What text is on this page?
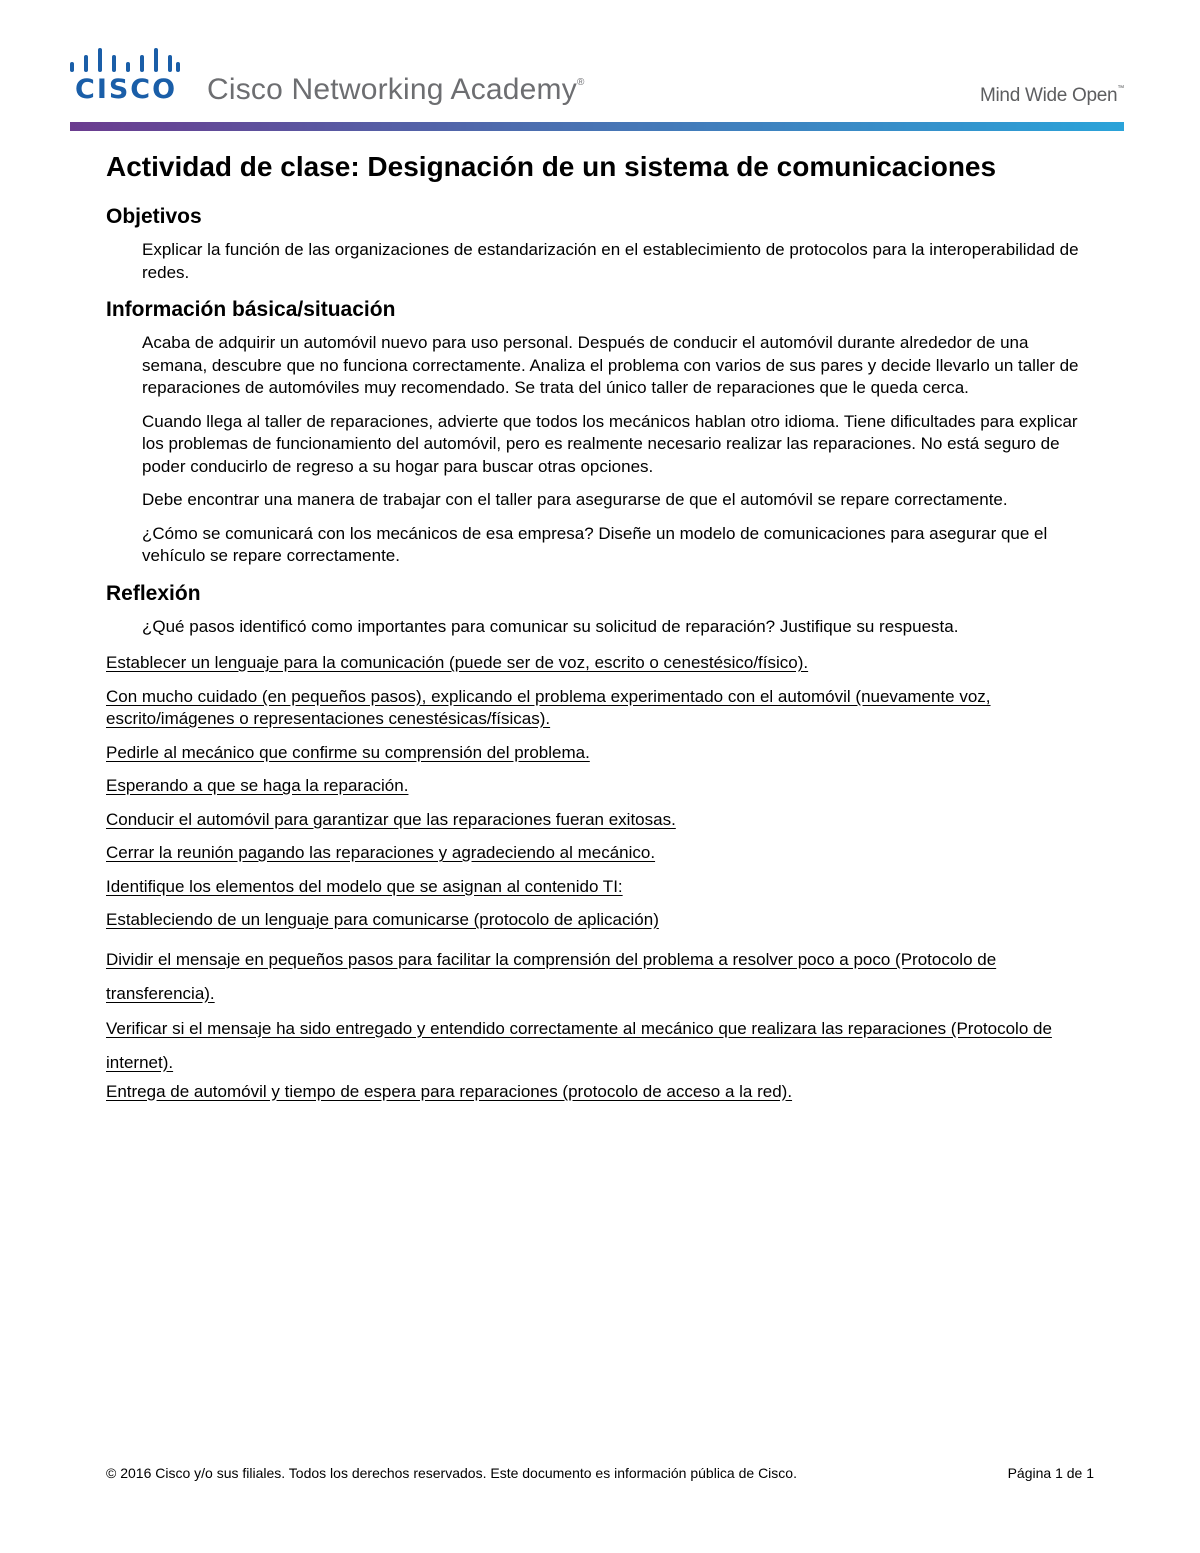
CISCO Cisco Networking Academy®
Mind Wide Open™
Actividad de clase: Designación de un sistema de comunicaciones
Objetivos

Explicar la función de las organizaciones de estandarización en el establecimiento de protocolos para la interoperabilidad de redes.

Información básica/situación

Acaba de adquirir un automóvil nuevo para uso personal. Después de conducir el automóvil durante alrededor de una semana, descubre que no funciona correctamente. Analiza el problema con varios de sus pares y decide llevarlo un taller de reparaciones de automóviles muy recomendado. Se trata del único taller de reparaciones que le queda cerca.

Cuando llega al taller de reparaciones, advierte que todos los mecánicos hablan otro idioma. Tiene dificultades para explicar los problemas de funcionamiento del automóvil, pero es realmente necesario realizar las reparaciones. No está seguro de poder conducirlo de regreso a su hogar para buscar otras opciones.

Debe encontrar una manera de trabajar con el taller para asegurarse de que el automóvil se repare correctamente.

¿Cómo se comunicará con los mecánicos de esa empresa? Diseñe un modelo de comunicaciones para asegurar que el vehículo se repare correctamente.

Reflexión

¿Qué pasos identificó como importantes para comunicar su solicitud de reparación? Justifique su respuesta.

Establecer un lenguaje para la comunicación (puede ser de voz, escrito o cenestésico/físico).

Con mucho cuidado (en pequeños pasos), explicando el problema experimentado con el automóvil (nuevamente voz, escrito/imágenes o representaciones cenestésicas/físicas).

Pedirle al mecánico que confirme su comprensión del problema.

Esperando a que se haga la reparación.

Conducir el automóvil para garantizar que las reparaciones fueran exitosas.

Cerrar la reunión pagando las reparaciones y agradeciendo al mecánico.

Identifique los elementos del modelo que se asignan al contenido TI:

Estableciendo de un lenguaje para comunicarse (protocolo de aplicación)

Dividir el mensaje en pequeños pasos para facilitar la comprensión del problema a resolver poco a poco (Protocolo de transferencia).

Verificar si el mensaje ha sido entregado y entendido correctamente al mecánico que realizara las reparaciones (Protocolo de internet).

Entrega de automóvil y tiempo de espera para reparaciones (protocolo de acceso a la red).

© 2016 Cisco y/o sus filiales. Todos los derechos reservados. Este documento es información pública de Cisco.	Página 1 de 1
